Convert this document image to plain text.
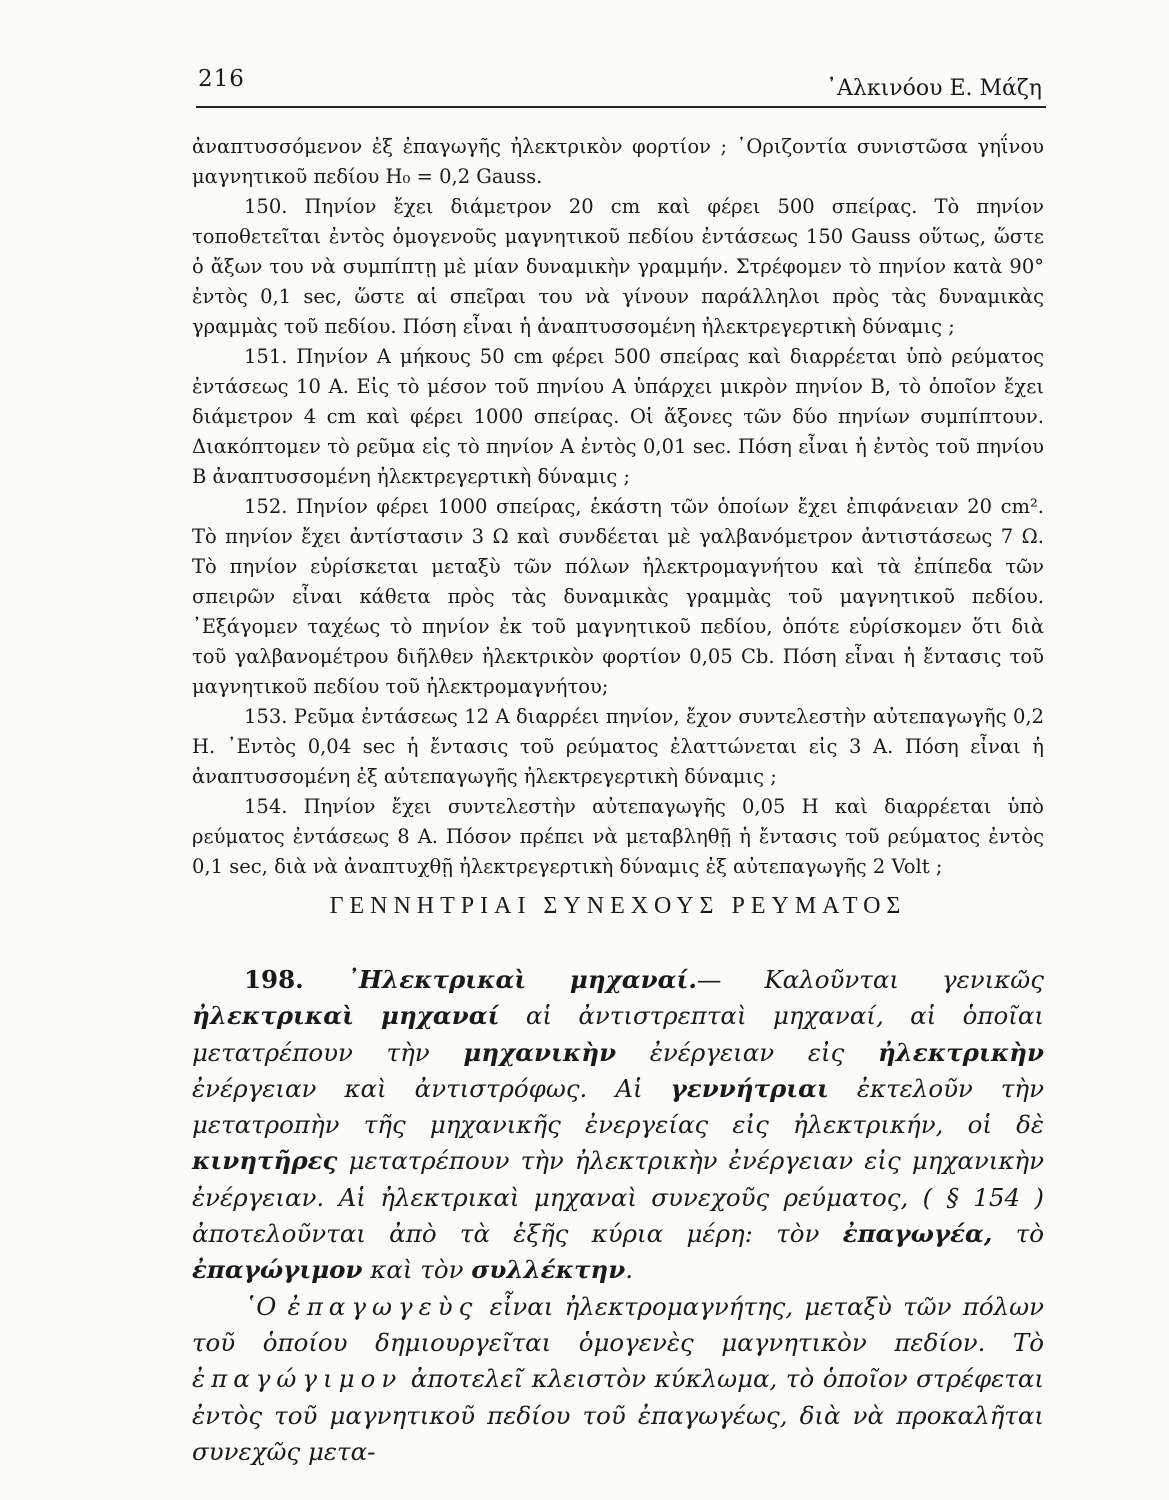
216	᾿Αλκινόου Ε. Μάζη

ἀναπτυσσόμενον ἐξ ἐπαγωγῆς ἠλεκτρικὸν φορτίον ; ῾Οριζοντία συνιστῶσα γηΐνου μαγνητικοῦ πεδίου H₀ = 0,2 Gauss.

150. Πηνίον ἔχει διάμετρον 20 cm καὶ φέρει 500 σπείρας. Τὸ πηνίον τοποθετεῖται ἐντὸς ὁμογενοῦς μαγνητικοῦ πεδίου ἐντάσεως 150 Gauss οὕτως, ὥστε ὁ ἄξων του νὰ συμπίπτῃ μὲ μίαν δυναμικὴν γραμμήν. Στρέφομεν τὸ πηνίον κατὰ 90° ἐντὸς 0,1 sec, ὥστε αἱ σπεῖραι του νὰ γίνουν παράλληλοι πρὸς τὰς δυναμικὰς γραμμὰς τοῦ πεδίου. Πόση εἶναι ἡ ἀναπτυσσομένη ἠλεκτρεγερτικὴ δύναμις ;

151. Πηνίον Α μήκους 50 cm φέρει 500 σπείρας καὶ διαρρέεται ὑπὸ ρεύματος ἐντάσεως 10 Α. Εἰς τὸ μέσον τοῦ πηνίου Α ὑπάρχει μικρὸν πηνίον Β, τὸ ὁποῖον ἔχει διάμετρον 4 cm καὶ φέρει 1000 σπείρας. Οἱ ἄξονες τῶν δύο πηνίων συμπίπτουν. Διακόπτομεν τὸ ρεῦμα εἰς τὸ πηνίον Α ἐντὸς 0,01 sec. Πόση εἶναι ἡ ἐντὸς τοῦ πηνίου Β ἀναπτυσσομένη ἠλεκτρεγερτικὴ δύναμις ;

152. Πηνίον φέρει 1000 σπείρας, ἑκάστη τῶν ὁποίων ἔχει ἐπιφάνειαν 20 cm². Τὸ πηνίον ἔχει ἀντίστασιν 3 Ω καὶ συνδέεται μὲ γαλβανόμετρον ἀντιστάσεως 7 Ω. Τὸ πηνίον εὑρίσκεται μεταξὺ τῶν πόλων ἠλεκτρομαγνήτου καὶ τὰ ἐπίπεδα τῶν σπειρῶν εἶναι κάθετα πρὸς τὰς δυναμικὰς γραμμὰς τοῦ μαγνητικοῦ πεδίου. ᾿Εξάγομεν ταχέως τὸ πηνίον ἐκ τοῦ μαγνητικοῦ πεδίου, ὁπότε εὑρίσκομεν ὅτι διὰ τοῦ γαλβανομέτρου διῆλθεν ἠλεκτρικὸν φορτίον 0,05 Cb. Πόση εἶναι ἡ ἔντασις τοῦ μαγνητικοῦ πεδίου τοῦ ἠλεκτρομαγνήτου;

153. Ρεῦμα ἐντάσεως 12 Α διαρρέει πηνίον, ἔχον συντελεστὴν αὐτεπαγωγῆς 0,2 Η. ᾿Εντὸς 0,04 sec ἡ ἔντασις τοῦ ρεύματος ἐλαττώνεται εἰς 3 Α. Πόση εἶναι ἡ ἀναπτυσσομένη ἐξ αὐτεπαγωγῆς ἠλεκτρεγερτικὴ δύναμις ;

154. Πηνίον ἔχει συντελεστὴν αὐτεπαγωγῆς 0,05 Η καὶ διαρρέεται ὑπὸ ρεύματος ἐντάσεως 8 Α. Πόσον πρέπει νὰ μεταβληθῇ ἡ ἔντασις τοῦ ρεύματος ἐντὸς 0,1 sec, διὰ νὰ ἀναπτυχθῇ ἠλεκτρεγερτικὴ δύναμις ἐξ αὐτεπαγωγῆς 2 Volt ;

ΓΕΝΝΗΤΡΙΑΙ ΣΥΝΕΧΟΥΣ ΡΕΥΜΑΤΟΣ

198. ᾿Ηλεκτρικαὶ μηχαναί.— Καλοῦνται γενικῶς ἠλεκτρικαὶ μηχαναί αἱ ἀντιστρεπταὶ μηχαναί, αἱ ὁποῖαι μετατρέπουν τὴν μηχανικὴν ἐνέργειαν εἰς ἠλεκτρικὴν ἐνέργειαν καὶ ἀντιστρόφως. Αἱ γεννήτριαι ἐκτελοῦν τὴν μετατροπὴν τῆς μηχανικῆς ἐνεργείας εἰς ἠλεκτρικήν, οἱ δὲ κινητῆρες μετατρέπουν τὴν ἠλεκτρικὴν ἐνέργειαν εἰς μηχανικὴν ἐνέργειαν. Αἱ ἠλεκτρικαὶ μηχαναὶ συνεχοῦς ρεύματος, ( § 154 ) ἀποτελοῦνται ἀπὸ τὰ ἑξῆς κύρια μέρη: τὸν ἐπαγωγέα, τὸ ἐπαγώγιμον καὶ τὸν συλλέκτην.

῾Ο ἐπαγωγεὺς εἶναι ἠλεκτρομαγνήτης, μεταξὺ τῶν πόλων τοῦ ὁποίου δημιουργεῖται ὁμογενὲς μαγνητικὸν πεδίον. Τὸ ἐπαγώγιμον ἀποτελεῖ κλειστὸν κύκλωμα, τὸ ὁποῖον στρέφεται ἐντὸς τοῦ μαγνητικοῦ πεδίου τοῦ ἐπαγωγέως, διὰ νὰ προκαλῆται συνεχῶς μετα-
